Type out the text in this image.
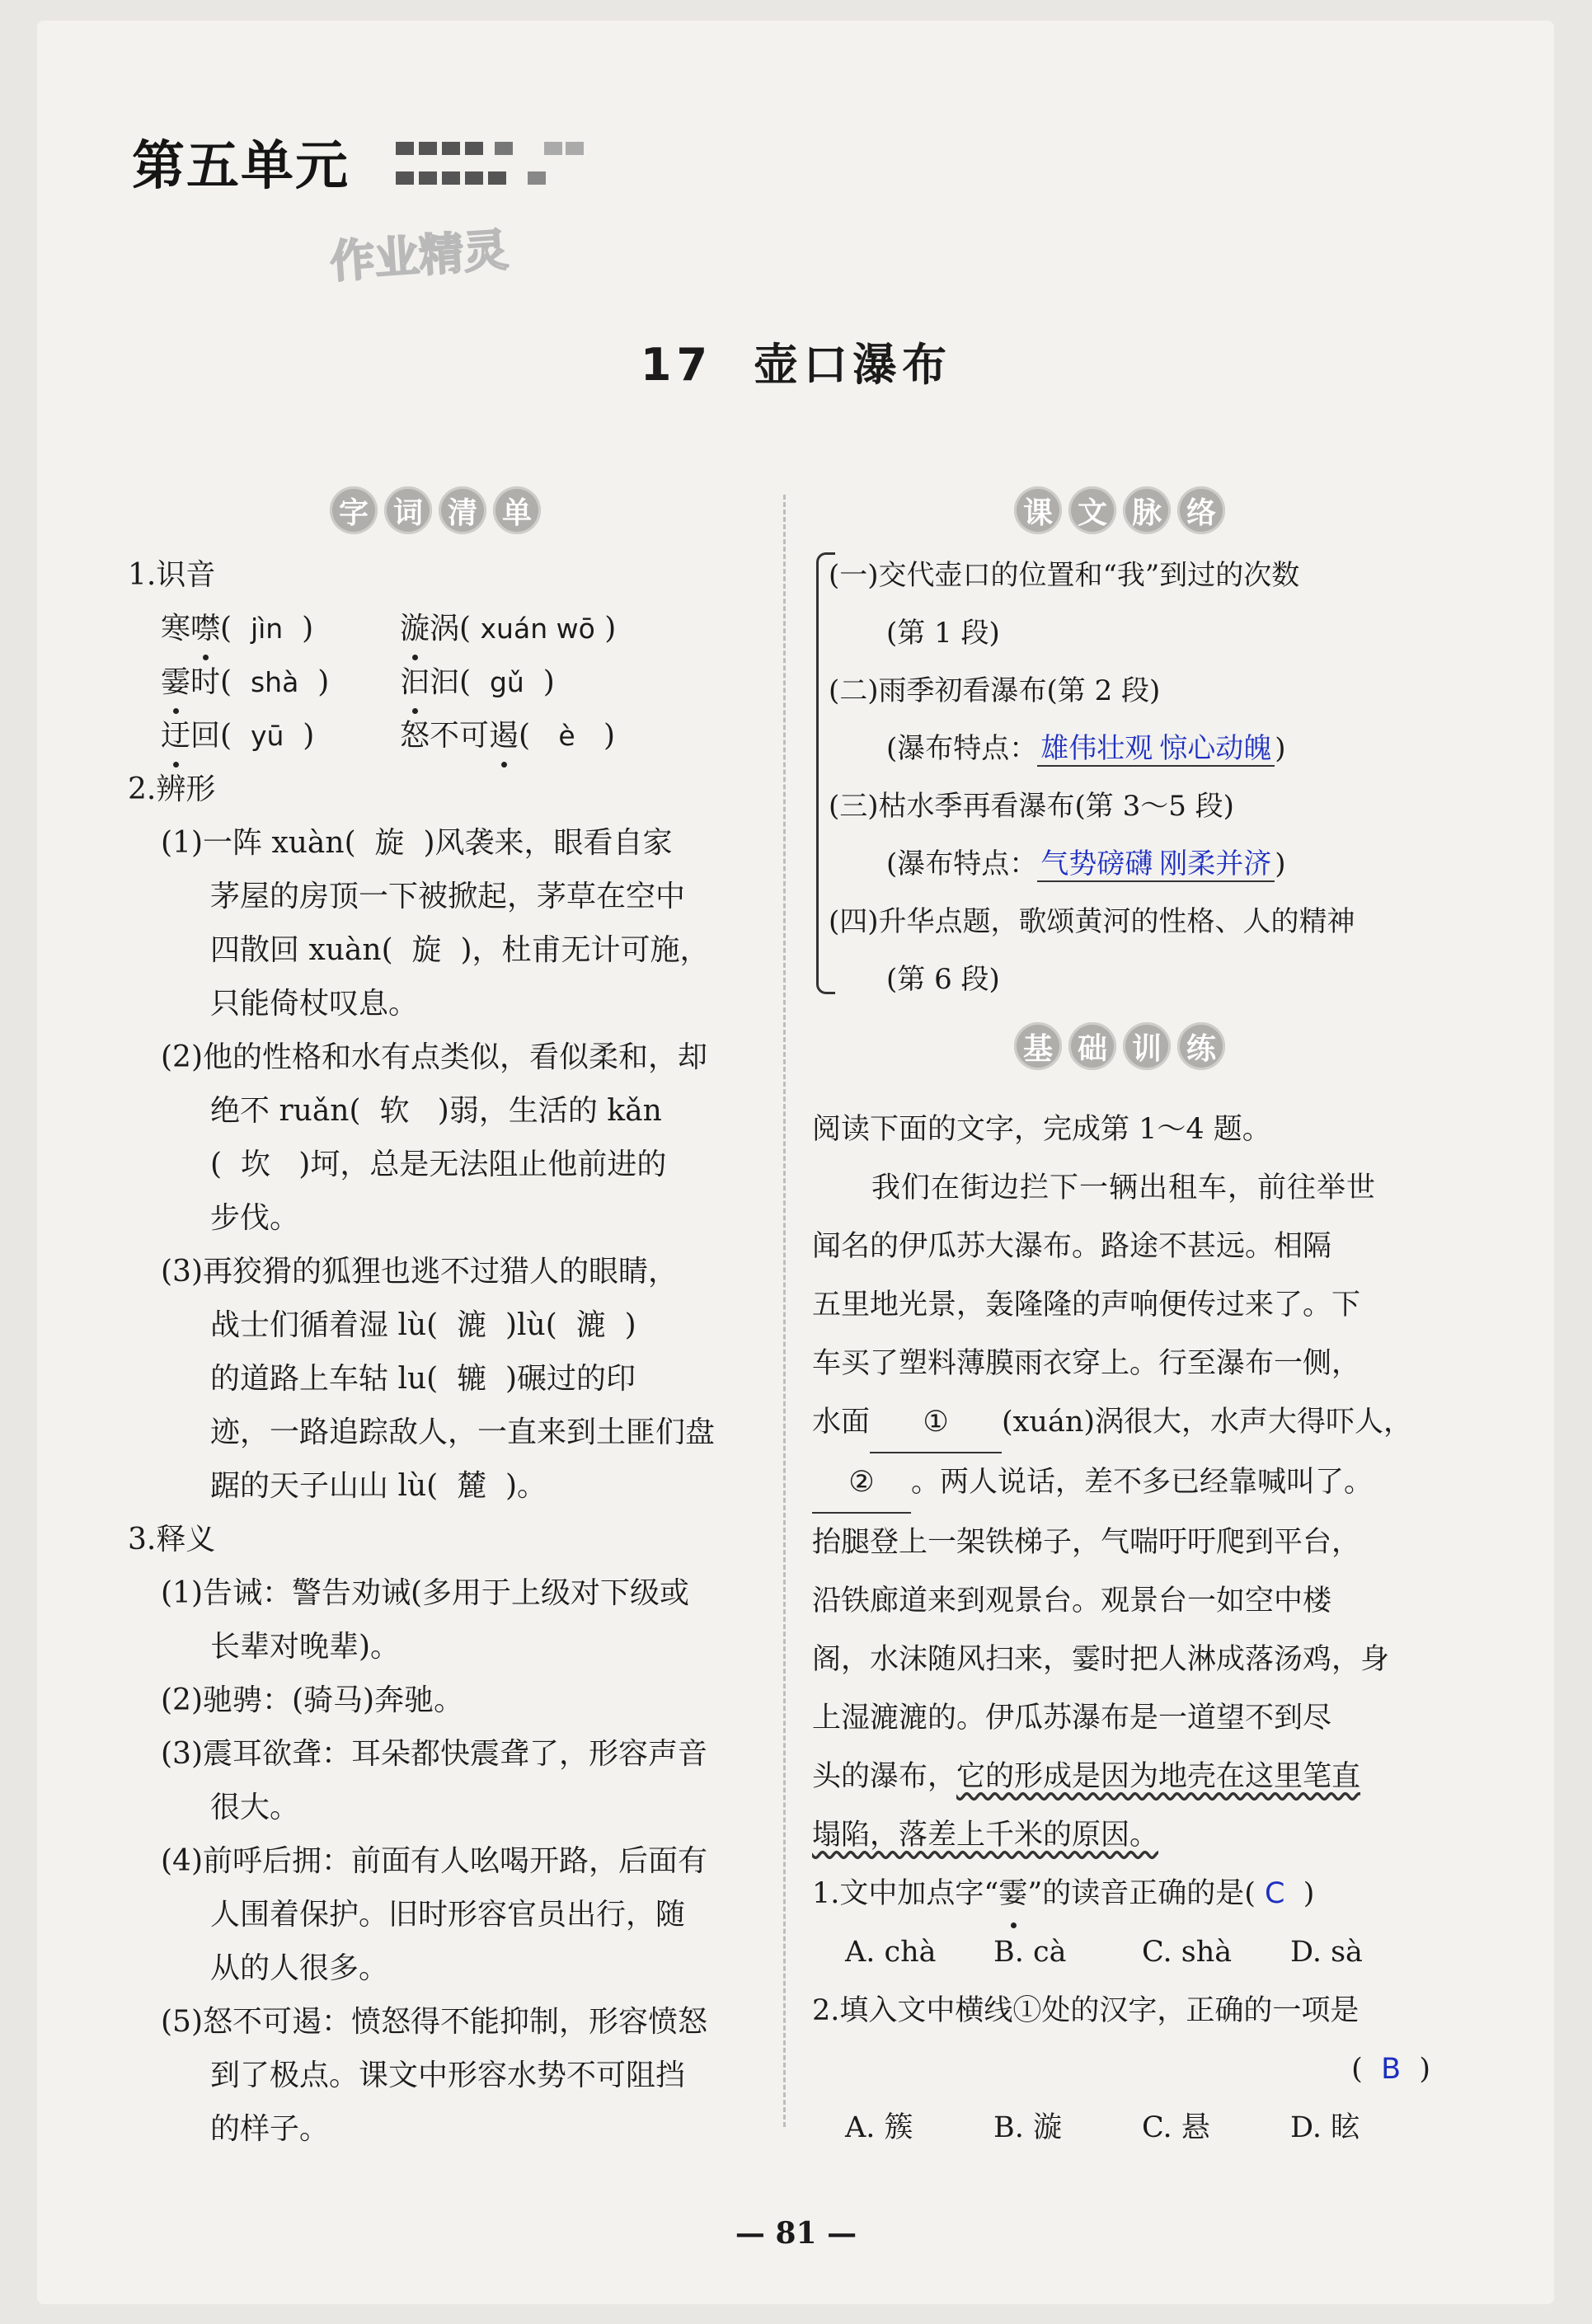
第五单元
作业精灵
17 壶口瀑布
字 词 清 单
1.识音
寒噤(  jìn  )	漩涡( xuán wō )
霎时(  shà  )	汩汩(  gǔ  )
迂回(  yū  )	怒不可遏(   è   )
2.辨形
(1)一阵 xuàn( 旋 )风袭来，眼看自家
茅屋的房顶一下被掀起，茅草在空中
四散回 xuàn( 旋 )，杜甫无计可施，
只能倚杖叹息。
(2)他的性格和水有点类似，看似柔和，却
绝不 ruǎn( 软 )弱，生活的 kǎn
( 坎 )坷，总是无法阻止他前进的
步伐。
(3)再狡猾的狐狸也逃不过猎人的眼睛，
战士们循着湿 lù( 漉 )lù( 漉 )
的道路上车轱 lu( 辘 )碾过的印
迹，一路追踪敌人，一直来到土匪们盘
踞的天子山山 lù( 麓 )。
3.释义
(1)告诫：警告劝诫(多用于上级对下级或
长辈对晚辈)。
(2)驰骋：(骑马)奔驰。
(3)震耳欲聋：耳朵都快震聋了，形容声音
很大。
(4)前呼后拥：前面有人吆喝开路，后面有
人围着保护。旧时形容官员出行，随
从的人很多。
(5)怒不可遏：愤怒得不能抑制，形容愤怒
到了极点。课文中形容水势不可阻挡
的样子。
课 文 脉 络
(一)交代壶口的位置和“我”到过的次数
(第 1 段)
(二)雨季初看瀑布(第 2 段)
(瀑布特点： 雄伟壮观 惊心动魄 )
(三)枯水季再看瀑布(第 3～5 段)
(瀑布特点： 气势磅礴 刚柔并济 )
(四)升华点题，歌颂黄河的性格、人的精神
(第 6 段)
基 础 训 练

阅读下面的文字，完成第 1～4 题。

我们在街边拦下一辆出租车，前往举世

闻名的伊瓜苏大瀑布。路途不甚远。相隔

五里地光景，轰隆隆的声响便传过来了。下

车买了塑料薄膜雨衣穿上。行至瀑布一侧，

水面 ① (xuán)涡很大，水声大得吓人，

② 。两人说话，差不多已经靠喊叫了。

抬腿登上一架铁梯子，气喘吁吁爬到平台，

沿铁廊道来到观景台。观景台一如空中楼

阁，水沫随风扫来，霎时把人淋成落汤鸡，身

上湿漉漉的。伊瓜苏瀑布是一道望不到尽

头的瀑布，它的形成是因为地壳在这里笔直

塌陷，落差上千米的原因。

1.文中加点字“霎”的读音正确的是( C )

A. chà	B. cà	C. shà	D. sà

2.填入文中横线①处的汉字，正确的一项是

( B )

A. 簇	B. 漩	C. 悬	D. 眩
— 81 —
